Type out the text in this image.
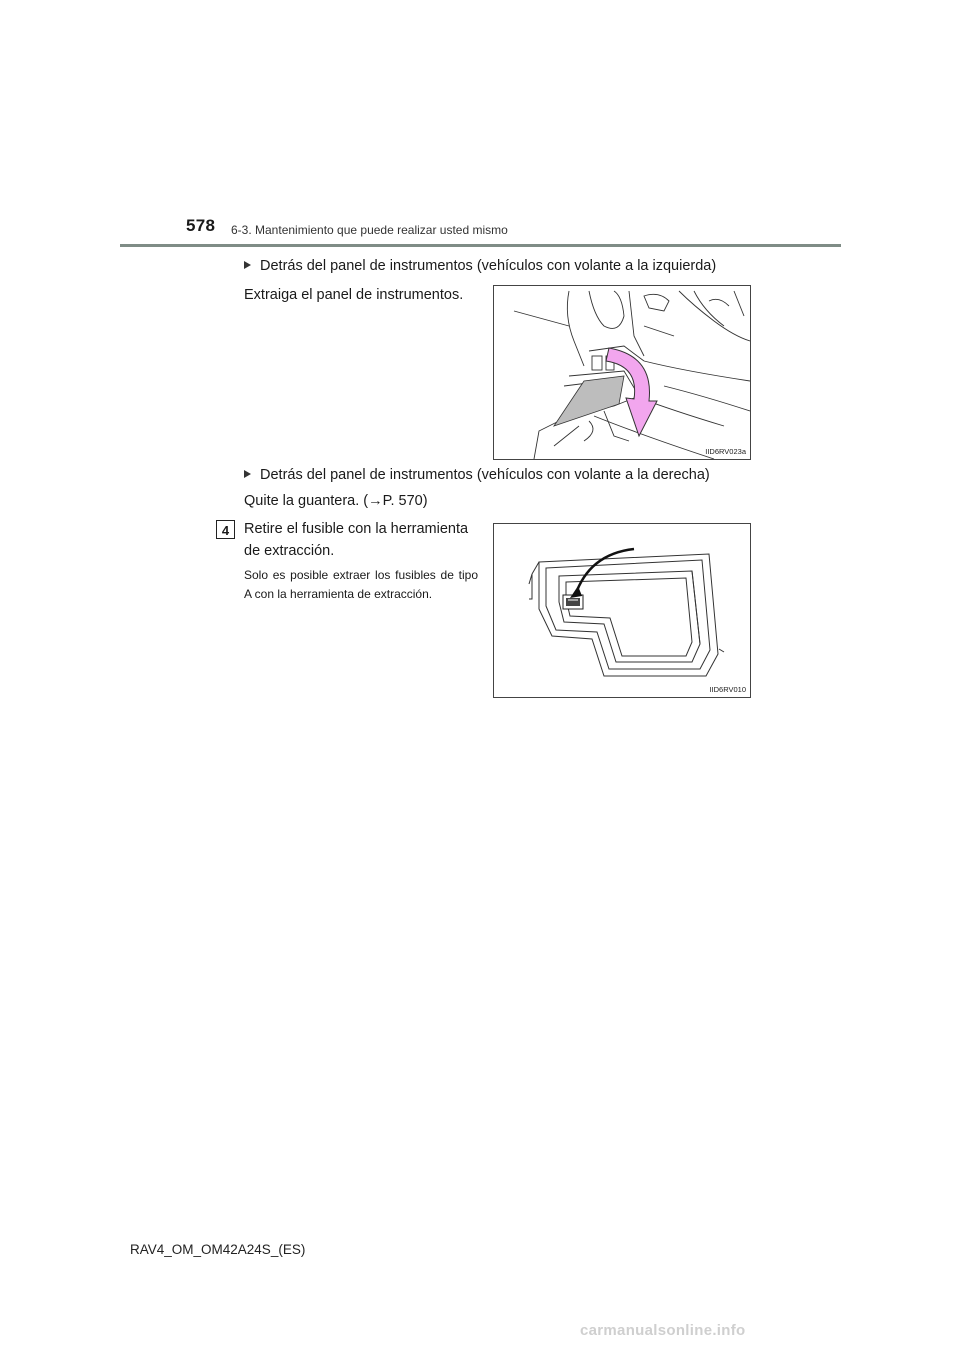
578 6-3. Mantenimiento que puede realizar usted mismo
Detrás del panel de instrumentos (vehículos con volante a la izquierda)
Extraiga el panel de instrumentos.
IID6RV023a
Detrás del panel de instrumentos (vehículos con volante a la derecha)
Quite la guantera. (→P. 570)
4	Retire el fusible con la herramienta
de extracción.
Solo es posible extraer los fusibles de tipo A con la herramienta de extracción.
IID6RV010
RAV4_OM_OM42A24S_(ES)
carmanualsonline.info
